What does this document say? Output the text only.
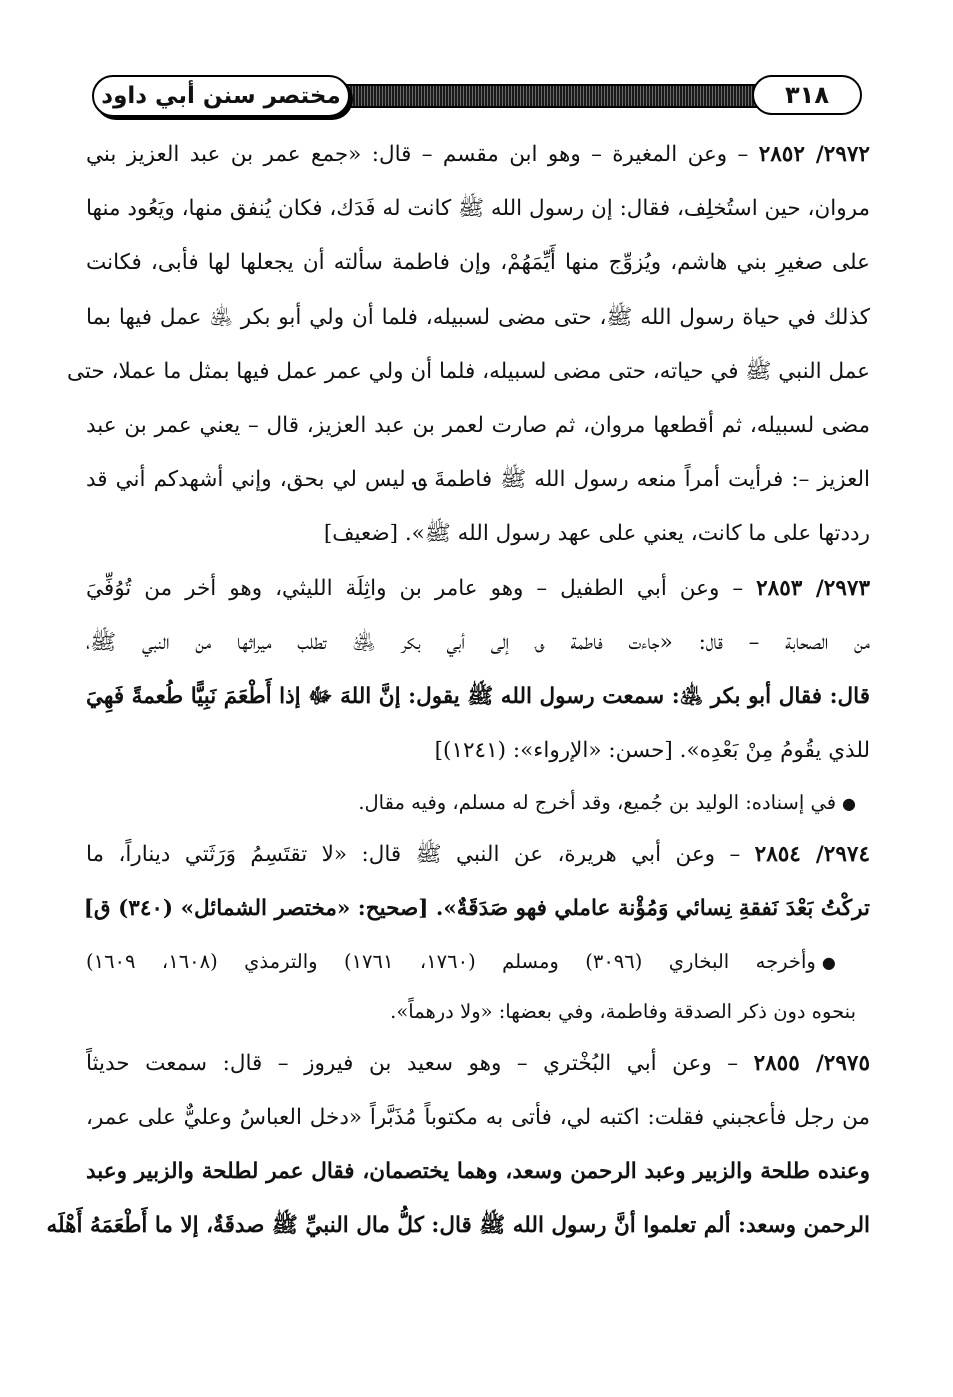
مختصر سنن أبي داود	٣١٨
٢٩٧٢/ ٢٨٥٢ – وعن المغيرة – وهو ابن مقسم – قال: «جمع عمر بن عبد العزيز بني
مروان، حين استُخلِف، فقال: إن رسول الله ﷺ كانت له فَدَك، فكان يُنفق منها، ويَعُود منها
على صغيرِ بني هاشم، ويُزوِّج منها أَيِّمَهُمْ، وإن فاطمة سألته أن يجعلها لها فأبى، فكانت
كذلك في حياة رسول الله ﷺ، حتى مضى لسبيله، فلما أن ولي أبو بكر ﵁ عمل فيها بما
عمل النبي ﷺ في حياته، حتى مضى لسبيله، فلما أن ولي عمر عمل فيها بمثل ما عملا، حتى
مضى لسبيله، ثم أقطعها مروان، ثم صارت لعمر بن عبد العزيز، قال – يعني عمر بن عبد
العزيز –: فرأيت أمراً منعه رسول الله ﷺ فاطمةَ ؈ ليس لي بحق، وإني أشهدكم أني قد
رددتها على ما كانت، يعني على عهد رسول الله ﷺ». [ضعيف]
٢٩٧٣/ ٢٨٥٣ – وعن أبي الطفيل – وهو عامر بن واثِلَة الليثي، وهو أخر من تُوُفِّيَ
من الصحابة – قال: «جاءت فاطمة ؈ إلى أبي بكر ﵁ تطلب ميراثها من النبي ﷺ،
قال: فقال أبو بكر ﵁: سمعت رسول الله ﷺ يقول: إنَّ اللهَ ﷻ إذا أَطْعَمَ نَبِيًّا طُعمةً فَهِيَ
للذي يقُومُ مِنْ بَعْدِه». [حسن: «الإرواء»: (١٢٤١)]
●في إسناده: الوليد بن جُميع، وقد أخرج له مسلم، وفيه مقال.
٢٩٧٤/ ٢٨٥٤ – وعن أبي هريرة، عن النبي ﷺ قال: «لا تقتَسِمُ وَرَثَتي ديناراً، ما
تركْتُ بَعْدَ نَفقةِ نِسائي وَمُؤْنة عاملي فهو صَدَقَةٌ». [صحيح: «مختصر الشمائل» (٣٤٠) ق]
●وأخرجه البخاري (٣٠٩٦) ومسلم (١٧٦٠، ١٧٦١) والترمذي (١٦٠٨، ١٦٠٩)
بنحوه دون ذكر الصدقة وفاطمة، وفي بعضها: «ولا درهماً».
٢٩٧٥/ ٢٨٥٥ – وعن أبي البُخْتري – وهو سعيد بن فيروز – قال: سمعت حديثاً
من رجل فأعجبني فقلت: اكتبه لي، فأتى به مكتوباً مُذَبَّراً «دخل العباسُ وعليٌّ على عمر،
وعنده طلحة والزبير وعبد الرحمن وسعد، وهما يختصمان، فقال عمر لطلحة والزبير وعبد
الرحمن وسعد: ألم تعلموا أنَّ رسول الله ﷺ قال: كلُّ مال النبيِّ ﷺ صدقَةٌ، إلا ما أَطْعَمَهُ أَهْلَه
